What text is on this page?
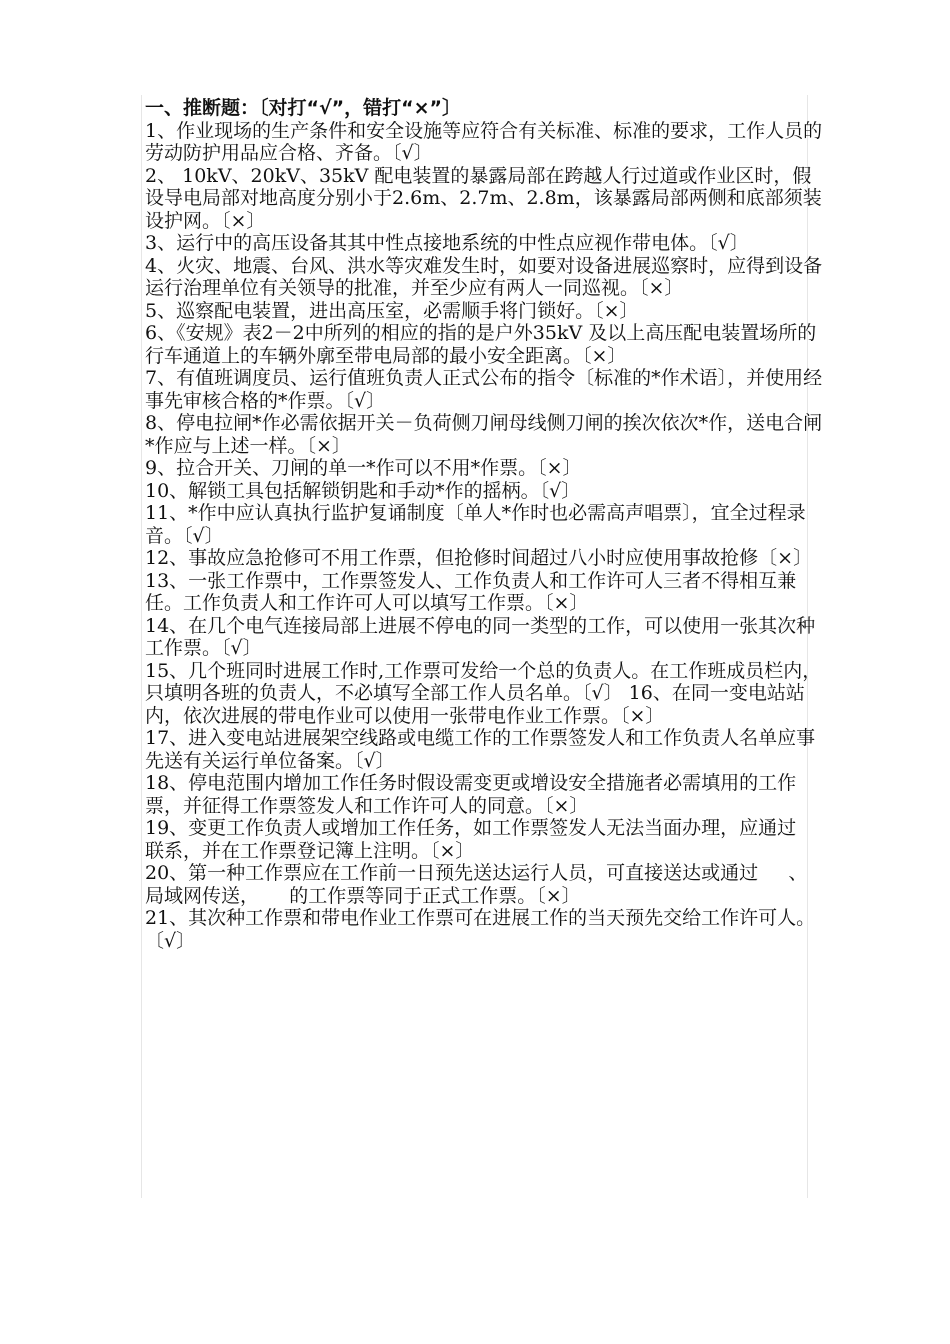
一、推断题：〔对打“√”，错打“×”〕

1、作业现场的生产条件和安全设施等应符合有关标准、标准的要求，工作人员的劳动防护用品应合格、齐备。〔√〕

2、 10kV、20kV、35kV 配电装置的暴露局部在跨越人行过道或作业区时，假设导电局部对地高度分别小于2.6m、2.7m、2.8m，该暴露局部两侧和底部须装设护网。〔×〕

3、运行中的高压设备其其中性点接地系统的中性点应视作带电体。〔√〕

4、火灾、地震、台风、洪水等灾难发生时，如要对设备进展巡察时，应得到设备运行治理单位有关领导的批准，并至少应有两人一同巡视。〔×〕

5、巡察配电装置，进出高压室，必需顺手将门锁好。〔×〕

6、《安规》表2－2中所列的相应的指的是户外35kV 及以上高压配电装置场所的行车通道上的车辆外廓至带电局部的最小安全距离。〔×〕

7、有值班调度员、运行值班负责人正式公布的指令〔标准的*作术语〕，并使用经事先审核合格的*作票。〔√〕

8、停电拉闸*作必需依据开关－负荷侧刀闸母线侧刀闸的挨次依次*作，送电合闸*作应与上述一样。〔×〕

9、拉合开关、刀闸的单一*作可以不用*作票。〔×〕

10、解锁工具包括解锁钥匙和手动*作的摇柄。〔√〕

11、*作中应认真执行监护复诵制度〔单人*作时也必需高声唱票〕，宜全过程录音。〔√〕

12、事故应急抢修可不用工作票，但抢修时间超过八小时应使用事故抢修〔×〕

13、一张工作票中，工作票签发人、工作负责人和工作许可人三者不得相互兼任。工作负责人和工作许可人可以填写工作票。〔×〕

14、在几个电气连接局部上进展不停电的同一类型的工作，可以使用一张其次种工作票。〔√〕

15、几个班同时进展工作时,工作票可发给一个总的负责人。在工作班成员栏内，只填明各班的负责人，不必填写全部工作人员名单。〔√〕 16、在同一变电站站内，依次进展的带电作业可以使用一张带电作业工作票。〔×〕

17、进入变电站进展架空线路或电缆工作的工作票签发人和工作负责人名单应事先送有关运行单位备案。〔√〕

18、停电范围内增加工作任务时假设需变更或增设安全措施者必需填用的工作票，并征得工作票签发人和工作许可人的同意。〔×〕

19、变更工作负责人或增加工作任务，如工作票签发人无法当面办理，应通过     联系，并在工作票登记簿上注明。〔×〕

20、第一种工作票应在工作前一日预先送达运行人员，可直接送达或通过     、局域网传送，     的工作票等同于正式工作票。〔×〕

21、其次种工作票和带电作业工作票可在进展工作的当天预先交给工作许可人。〔√〕
